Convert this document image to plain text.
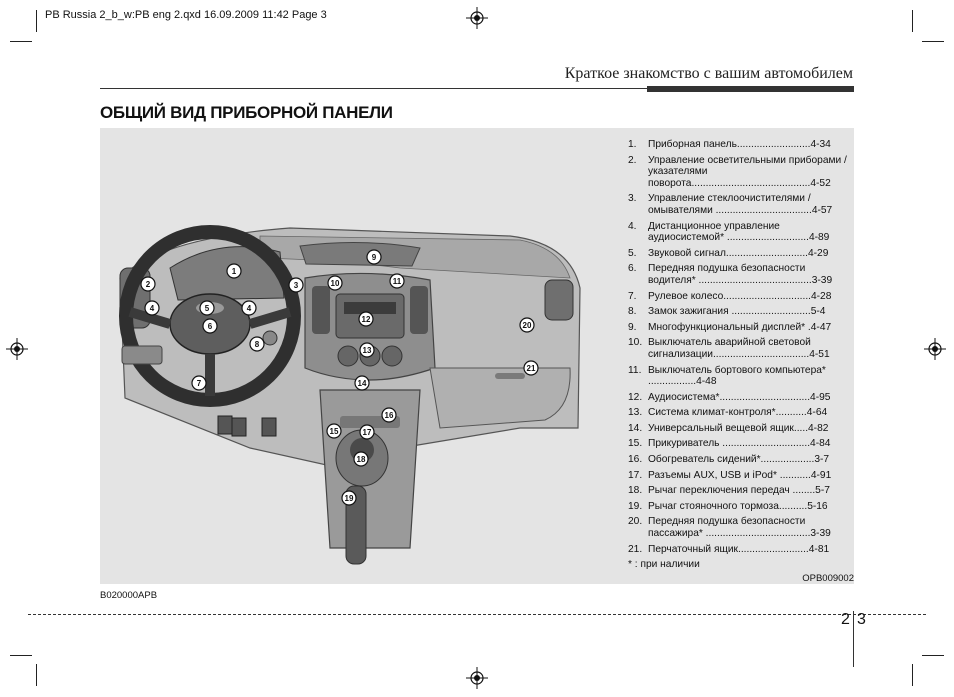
PB Russia 2_b_w:PB eng 2.qxd 16.09.2009 11:42 Page 3
Краткое знакомство с вашим автомобилем
ОБЩИЙ ВИД ПРИБОРНОЙ ПАНЕЛИ
1
2	3
4	4
5
6
7
8
9
10	11
12
13
14
15
16
17
18
19
20
21
1.	Приборная панель..........................4-34
2.	Управление осветительными приборами / указателями поворота..........................................4-52
3.	Управление стеклоочистителями / омывателями ..................................4-57
4.	Дистанционное управление аудиосистемой* .............................4-89
5.	Звуковой сигнал.............................4-29
6.	Передняя подушка безопасности водителя* ........................................3-39
7.	Рулевое колесо...............................4-28
8.	Замок зажигания ............................5-4
9.	Многофункциональный дисплей* .4-47
10. Выключатель аварийной световой сигнализации..................................4-51
11. Выключатель бортового компьютера* .................4-48
12. Аудиосистема*................................4-95
13. Система климат-контроля*...........4-64
14. Универсальный вещевой ящик.....4-82
15. Прикуриватель ...............................4-84
16. Обогреватель сидений*...................3-7
17. Разъемы AUX, USB и iPod* ...........4-91
18. Рычаг переключения передач ........5-7
19. Рычаг стояночного тормоза..........5-16
20. Передняя подушка безопасности пассажира* .....................................3-39
21. Перчаточный ящик.........................4-81
* : при наличии
OPB009002
B020000APB
2 3
